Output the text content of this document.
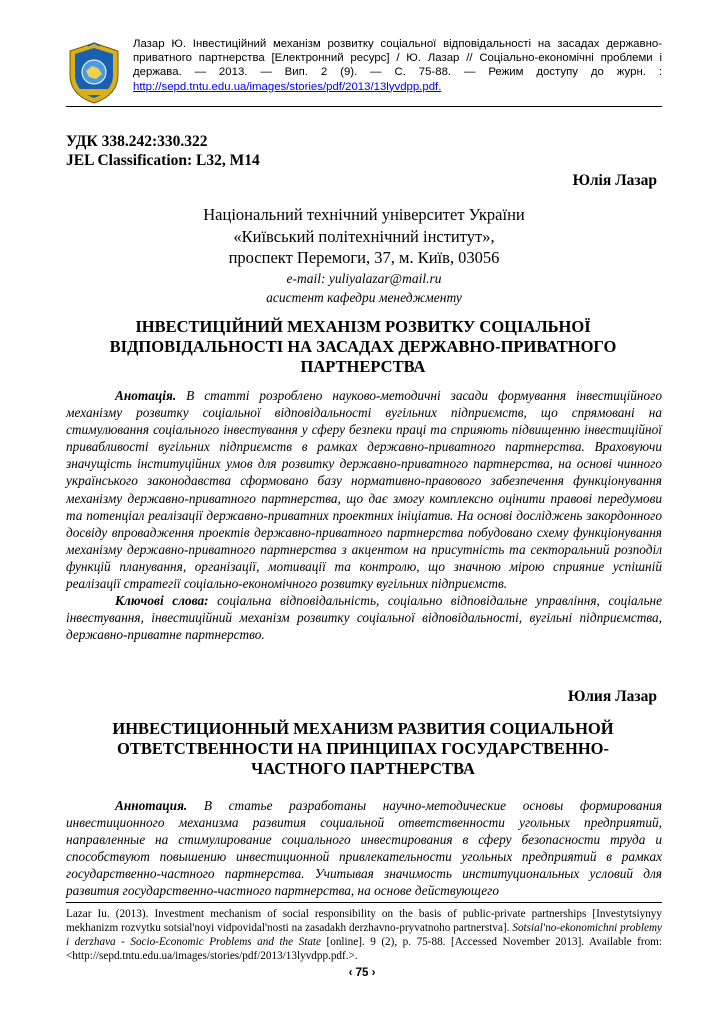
Лазар Ю. Інвестиційний механізм розвитку соціальної відповідальності на засадах державно-приватного партнерства [Електронний ресурс] / Ю. Лазар // Соціально-економічні проблеми і держава. — 2013. — Вип. 2 (9). — С. 75-88. — Режим доступу до журн. : http://sepd.tntu.edu.ua/images/stories/pdf/2013/13lyvdpp.pdf.
УДК 338.242:330.322
JEL Classification: L32, M14
Юлія Лазар
Національний технічний університет України
«Київський політехнічний інститут»,
проспект Перемоги, 37, м. Київ, 03056
e-mail: yuliyalazar@mail.ru
асистент кафедри менеджменту
ІНВЕСТИЦІЙНИЙ МЕХАНІЗМ РОЗВИТКУ СОЦІАЛЬНОЇ
ВІДПОВІДАЛЬНОСТІ НА ЗАСАДАХ ДЕРЖАВНО-ПРИВАТНОГО
ПАРТНЕРСТВА

Анотація. В статті розроблено науково-методичні засади формування інвестиційного механізму розвитку соціальної відповідальності вугільних підприємств, що спрямовані на стимулювання соціального інвестування у сферу безпеки праці та сприяють підвищенню інвестиційної привабливості вугільних підприємств в рамках державно-приватного партнерства. Враховуючи значущість інституційних умов для розвитку державно-приватного партнерства, на основі чинного українського законодавства сформовано базу нормативно-правового забезпечення функціонування механізму державно-приватного партнерства, що дає змогу комплексно оцінити правові передумови та потенціал реалізації державно-приватних проектних ініціатив. На основі досліджень закордонного досвіду впровадження проектів державно-приватного партнерства побудовано схему функціонування механізму державно-приватного партнерства з акцентом на присутність та секторальний розподіл функцій планування, організації, мотивації та контролю, що значною мірою сприяние успішній реалізації стратегії соціально-економічного розвитку вугільних підприємств.

Ключові слова: соціальна відповідальність, соціально відповідальне управління, соціальне інвестування, інвестиційний механізм розвитку соціальної відповідальності, вугільні підприємства, державно-приватне партнерство.

Юлия Лазар
ИНВЕСТИЦИОННЫЙ МЕХАНИЗМ РАЗВИТИЯ СОЦИАЛЬНОЙ
ОТВЕТСТВЕННОСТИ НА ПРИНЦИПАХ ГОСУДАРСТВЕННО-
ЧАСТНОГО ПАРТНЕРСТВА

Аннотация. В статье разработаны научно-методические основы формирования инвестиционного механизма развития социальной ответственности угольных предприятий, направленные на стимулирование социального инвестирования в сферу безопасности труда и способствуют повышению инвестиционной привлекательности угольных предприятий в рамках государственно-частного партнерства. Учитывая значимость институциональных условий для развития государственно-частного партнерства, на основе действующего

Lazar Iu. (2013). Investment mechanism of social responsibility on the basis of public-private partnerships [Investytsiynyy mekhanizm rozvytku sotsial'noyi vidpovidal'nosti na zasadakh derzhavno-pryvatnoho partnerstva]. Sotsial'no-ekonomichni problemy i derzhava - Socio-Economic Problems and the State [online]. 9 (2), p. 75-88. [Accessed November 2013]. Available from: <http://sepd.tntu.edu.ua/images/stories/pdf/2013/13lyvdpp.pdf.>.
‹ 75 ›
